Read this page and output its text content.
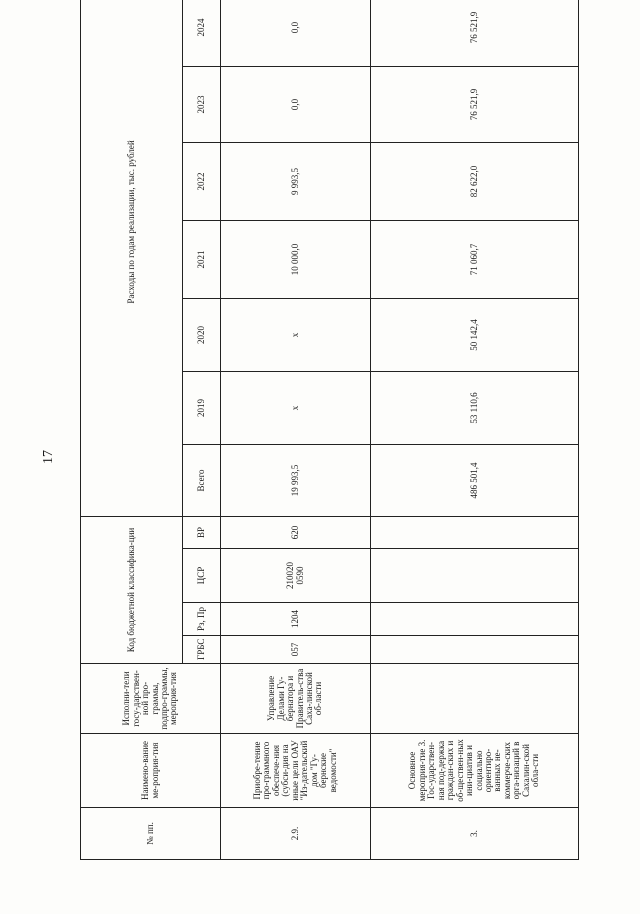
17
№ пп.	Наимено-вание ме-роприя-тия	Исполни-тели госу-дарствен-ной про-граммы, подпро-граммы, мероприя-тия	Код бюджетной классифика-ции				Расходы по годам реализации, тыс. рублей							
			ГРБС	Рз, Пр	ЦСР	ВР	Всего	2019	2020	2021	2022	2023	2024	
2.9.	Приобре-тение про-граммного обеспече-ния (субси-дия на иные цели ОАУ "Из-дательский дом "Гу-бернские ведомости"	Управление Делами Гу-бернатора и Правитель-ства Саха-линской об-ласти	057	1204	210020 0590	620	19 993,5	x	x	10 000,0	9 993,5	0,0	0,0	
3.	Основное мероприя-тие 3. Гос-ударствен-ная под-держка граждан-ских и об-ществен-ных ини-циатив и социально ориентиро-ванных не-коммерче-ских орга-низаций в Сахалин-ской обла-сти						486 501,4	53 110,6	50 142,4	71 060,7	82 622,0	76 521,9	76 521,9	
